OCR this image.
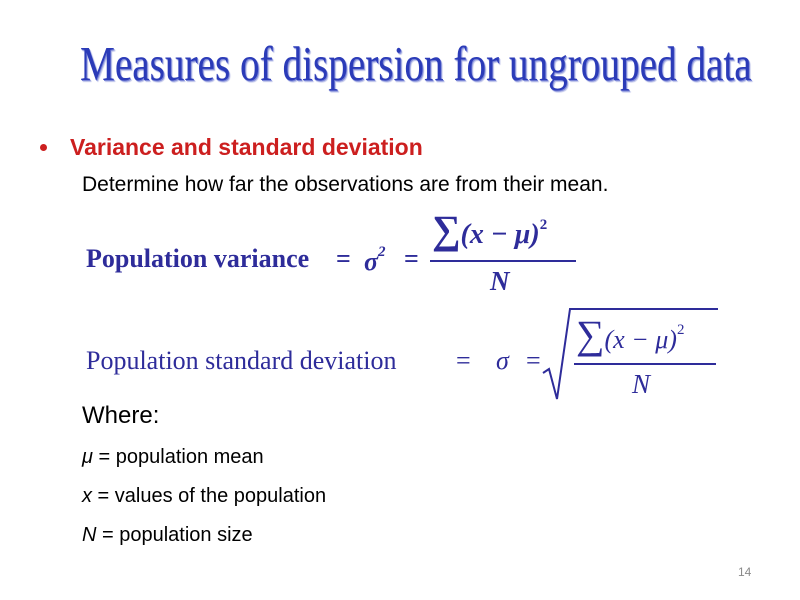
Measures of dispersion for ungrouped data
Variance and standard deviation
Determine how far the observations are from their mean.
Population variance = $\sigma^2$ =
$\sum(x - \mu)^2$
N
Population standard deviation = σ =
$\sum(x - \mu)^2$
N
Where:
μ = population mean
x = values of the population
N = population size
14
